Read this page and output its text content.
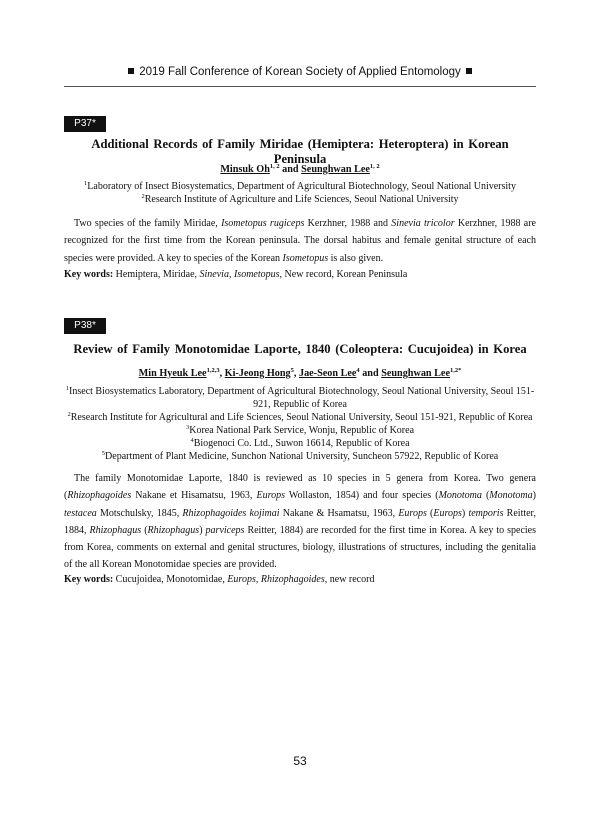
2019 Fall Conference of Korean Society of Applied Entomology
P37*
Additional Records of Family Miridae (Hemiptera: Heteroptera) in Korean Peninsula
Minsuk Oh$^{1, 2}$ and Seunghwan Lee$^{1, 2}$
$^1$Laboratory of Insect Biosystematics, Department of Agricultural Biotechnology, Seoul National University
$^2$Research Institute of Agriculture and Life Sciences, Seoul National University

Two species of the family Miridae, Isometopus rugiceps Kerzhner, 1988 and Sinevia tricolor Kerzhner, 1988 are recognized for the first time from the Korean peninsula. The dorsal habitus and female genital structure of each species were provided. A key to species of the Korean Isometopus is also given.

Key words: Hemiptera, Miridae, Sinevia, Isometopus, New record, Korean Peninsula
P38*
Review of Family Monotomidae Laporte, 1840 (Coleoptera: Cucujoidea) in Korea
Min Hyeuk Lee$^{1,2,3}$, Ki-Jeong Hong$^5$, Jae-Seon Lee$^4$ and Seunghwan Lee$^{1,2*}$
$^1$Insect Biosystematics Laboratory, Department of Agricultural Biotechnology, Seoul National University, Seoul 151-921, Republic of Korea
$^2$Research Institute for Agricultural and Life Sciences, Seoul National University, Seoul 151-921, Republic of Korea
$^3$Korea National Park Service, Wonju, Republic of Korea
$^4$Biogenoci Co. Ltd., Suwon 16614, Republic of Korea
$^5$Department of Plant Medicine, Sunchon National University, Suncheon 57922, Republic of Korea

The family Monotomidae Laporte, 1840 is reviewed as 10 species in 5 genera from Korea. Two genera (Rhizophagoides Nakane et Hisamatsu, 1963, Europs Wollaston, 1854) and four species (Monotoma (Monotoma) testacea Motschulsky, 1845, Rhizophagoides kojimai Nakane & Hsamatsu, 1963, Europs (Europs) temporis Reitter, 1884, Rhizophagus (Rhizophagus) parviceps Reitter, 1884) are recorded for the first time in Korea. A key to species from Korea, comments on external and genital structures, biology, illustrations of structures, including the genitalia of the all Korean Monotomidae species are provided.

Key words: Cucujoidea, Monotomidae, Europs, Rhizophagoides, new record
53
